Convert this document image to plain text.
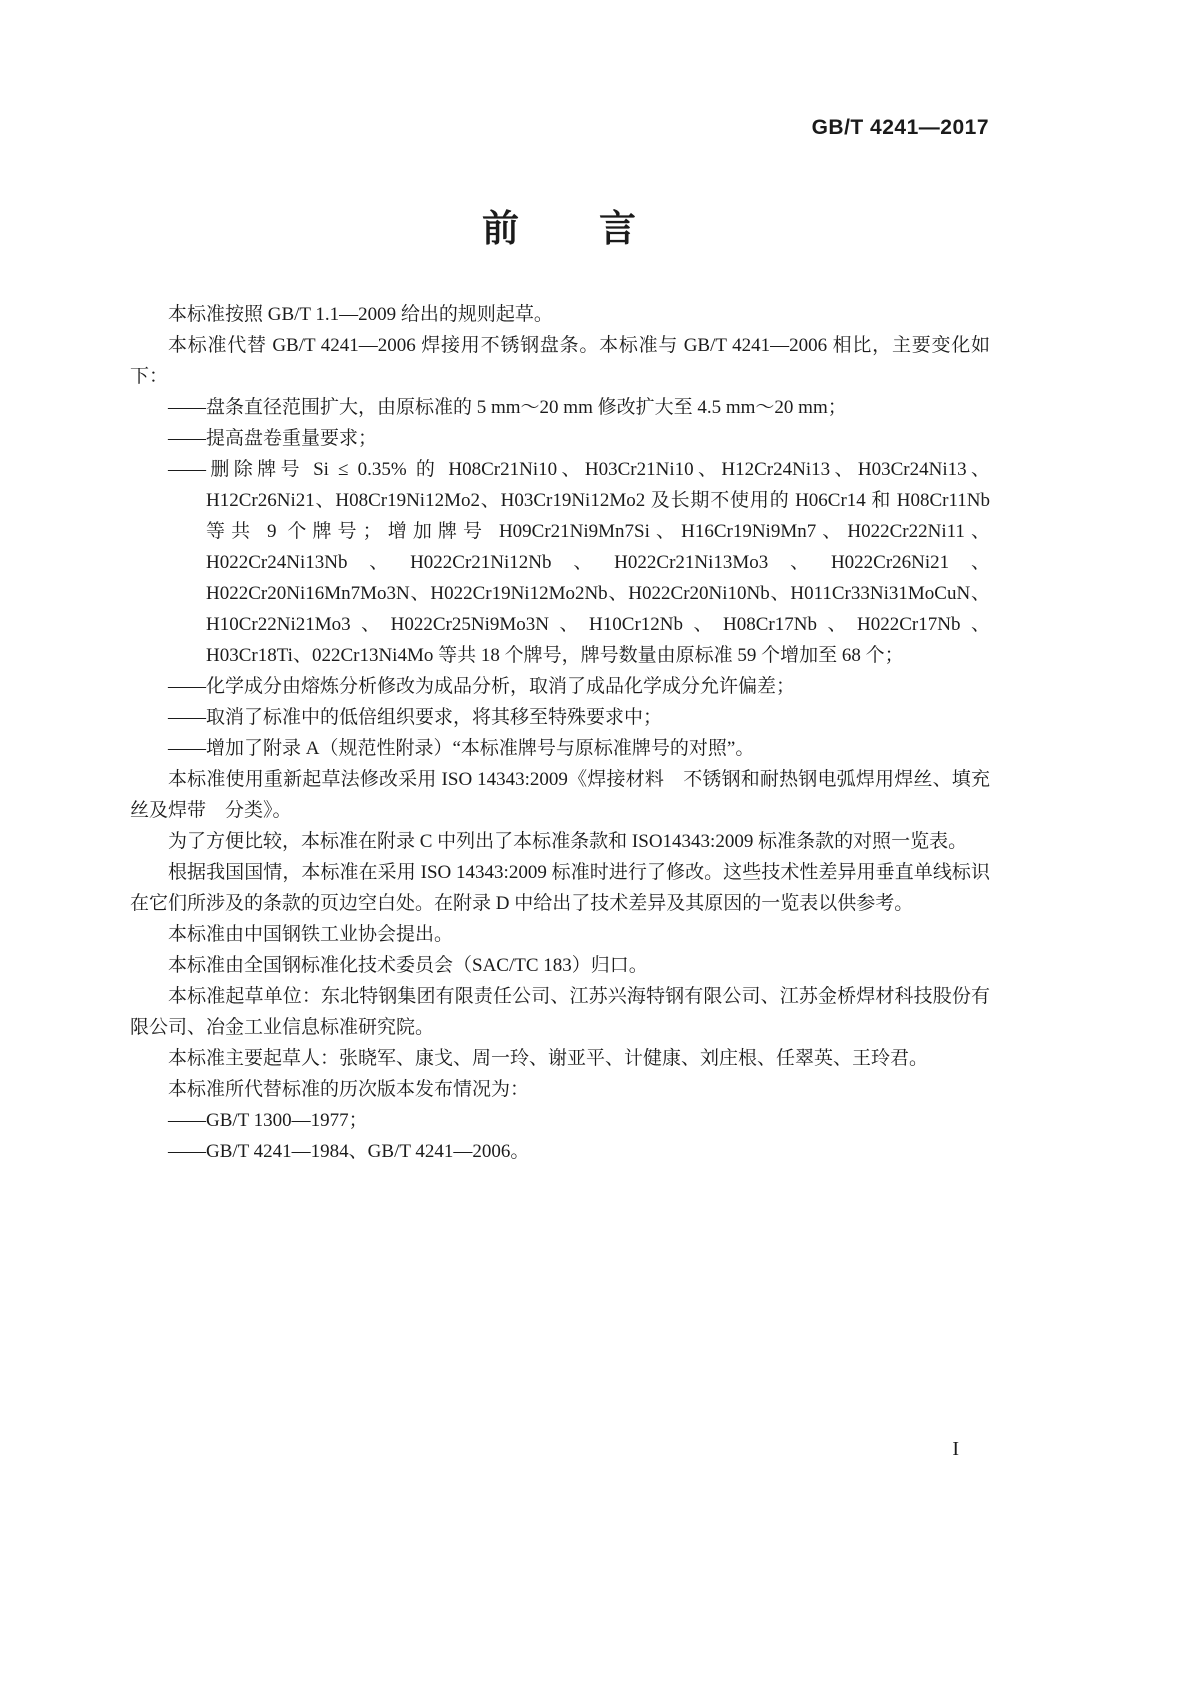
GB/T 4241—2017
前　　言

本标准按照 GB/T 1.1—2009 给出的规则起草。

本标准代替 GB/T 4241—2006 焊接用不锈钢盘条。本标准与 GB/T 4241—2006 相比，主要变化如下：

——盘条直径范围扩大，由原标准的 5 mm～20 mm 修改扩大至 4.5 mm～20 mm；

——提高盘卷重量要求；

——删除牌号 Si ≤ 0.35% 的 H08Cr21Ni10、H03Cr21Ni10、H12Cr24Ni13、H03Cr24Ni13、H12Cr26Ni21、H08Cr19Ni12Mo2、H03Cr19Ni12Mo2 及长期不使用的 H06Cr14 和 H08Cr11Nb 等共 9 个牌号；增加牌号 H09Cr21Ni9Mn7Si、H16Cr19Ni9Mn7、H022Cr22Ni11、H022Cr24Ni13Nb、H022Cr21Ni12Nb、H022Cr21Ni13Mo3、H022Cr26Ni21、H022Cr20Ni16Mn7Mo3N、H022Cr19Ni12Mo2Nb、H022Cr20Ni10Nb、H011Cr33Ni31MoCuN、H10Cr22Ni21Mo3、H022Cr25Ni9Mo3N、H10Cr12Nb、H08Cr17Nb、H022Cr17Nb、H03Cr18Ti、022Cr13Ni4Mo 等共 18 个牌号，牌号数量由原标准 59 个增加至 68 个；

——化学成分由熔炼分析修改为成品分析，取消了成品化学成分允许偏差；

——取消了标准中的低倍组织要求，将其移至特殊要求中；

——增加了附录 A（规范性附录）“本标准牌号与原标准牌号的对照”。

本标准使用重新起草法修改采用 ISO 14343:2009《焊接材料　不锈钢和耐热钢电弧焊用焊丝、填充丝及焊带　分类》。

为了方便比较，本标准在附录 C 中列出了本标准条款和 ISO14343:2009 标准条款的对照一览表。

根据我国国情，本标准在采用 ISO 14343:2009 标准时进行了修改。这些技术性差异用垂直单线标识在它们所涉及的条款的页边空白处。在附录 D 中给出了技术差异及其原因的一览表以供参考。

本标准由中国钢铁工业协会提出。

本标准由全国钢标准化技术委员会（SAC/TC 183）归口。

本标准起草单位：东北特钢集团有限责任公司、江苏兴海特钢有限公司、江苏金桥焊材科技股份有限公司、冶金工业信息标准研究院。

本标准主要起草人：张晓军、康戈、周一玲、谢亚平、计健康、刘庄根、任翠英、王玲君。

本标准所代替标准的历次版本发布情况为：

——GB/T 1300—1977；

——GB/T 4241—1984、GB/T 4241—2006。

I
